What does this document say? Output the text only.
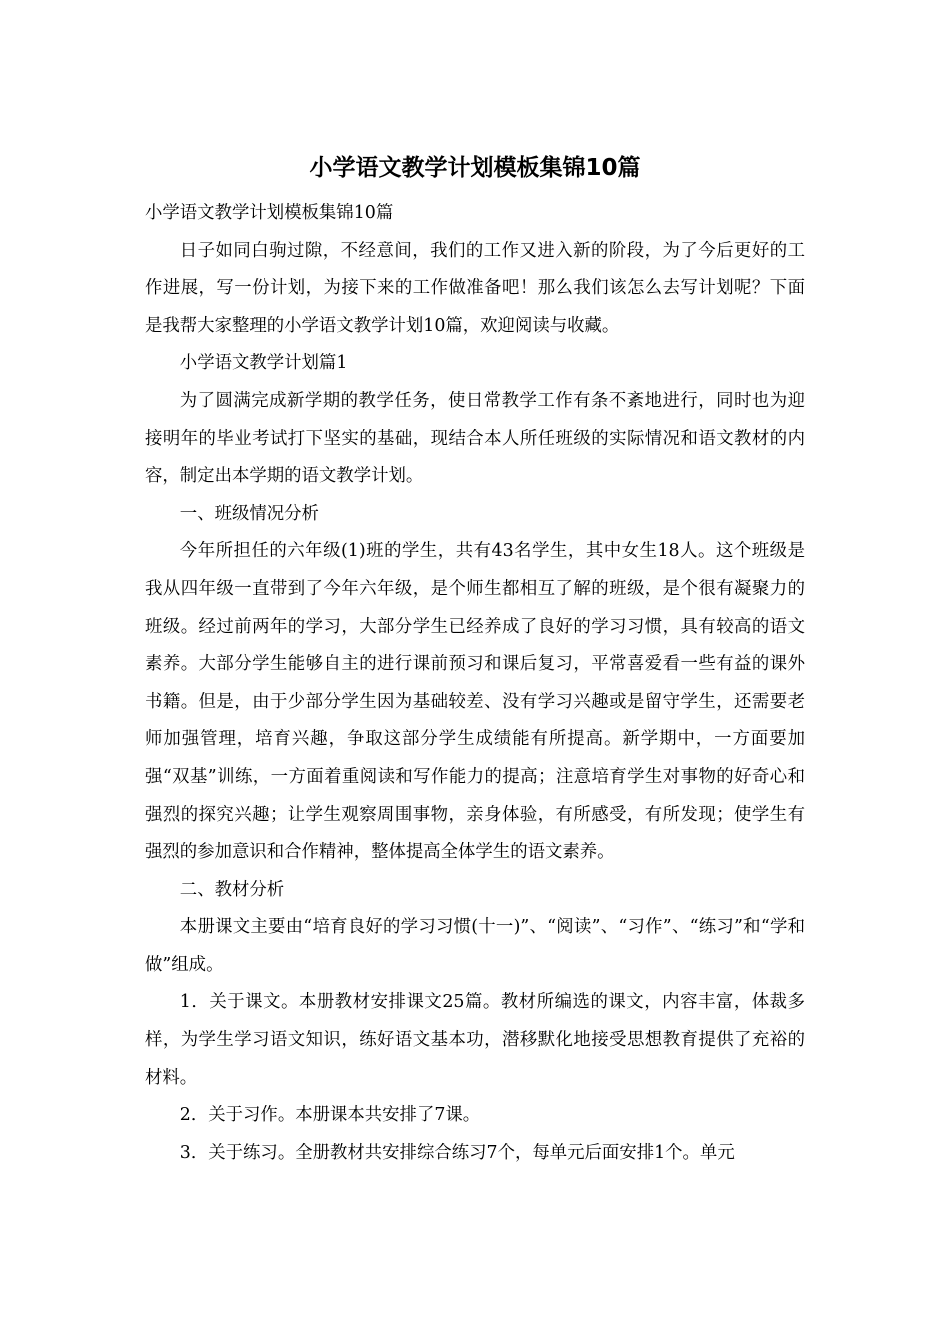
小学语文教学计划模板集锦10篇

小学语文教学计划模板集锦10篇

日子如同白驹过隙，不经意间，我们的工作又进入新的阶段，为了今后更好的工作进展，写一份计划，为接下来的工作做准备吧！那么我们该怎么去写计划呢？下面是我帮大家整理的小学语文教学计划10篇，欢迎阅读与收藏。

小学语文教学计划篇1

为了圆满完成新学期的教学任务，使日常教学工作有条不紊地进行，同时也为迎接明年的毕业考试打下坚实的基础，现结合本人所任班级的实际情况和语文教材的内容，制定出本学期的语文教学计划。

一、班级情况分析

今年所担任的六年级(1)班的学生，共有43名学生，其中女生18人。这个班级是我从四年级一直带到了今年六年级，是个师生都相互了解的班级，是个很有凝聚力的班级。经过前两年的学习，大部分学生已经养成了良好的学习习惯，具有较高的语文素养。大部分学生能够自主的进行课前预习和课后复习，平常喜爱看一些有益的课外书籍。但是，由于少部分学生因为基础较差、没有学习兴趣或是留守学生，还需要老师加强管理，培育兴趣，争取这部分学生成绩能有所提高。新学期中，一方面要加强“双基”训练，一方面着重阅读和写作能力的提高；注意培育学生对事物的好奇心和强烈的探究兴趣；让学生观察周围事物，亲身体验，有所感受，有所发现；使学生有强烈的参加意识和合作精神，整体提高全体学生的语文素养。

二、教材分析

本册课文主要由“培育良好的学习习惯(十一)”、“阅读”、“习作”、“练习”和“学和做”组成。

1．关于课文。本册教材安排课文25篇。教材所编选的课文，内容丰富，体裁多样，为学生学习语文知识，练好语文基本功，潜移默化地接受思想教育提供了充裕的材料。

2．关于习作。本册课本共安排了7课。

3．关于练习。全册教材共安排综合练习7个，每单元后面安排1个。单元
